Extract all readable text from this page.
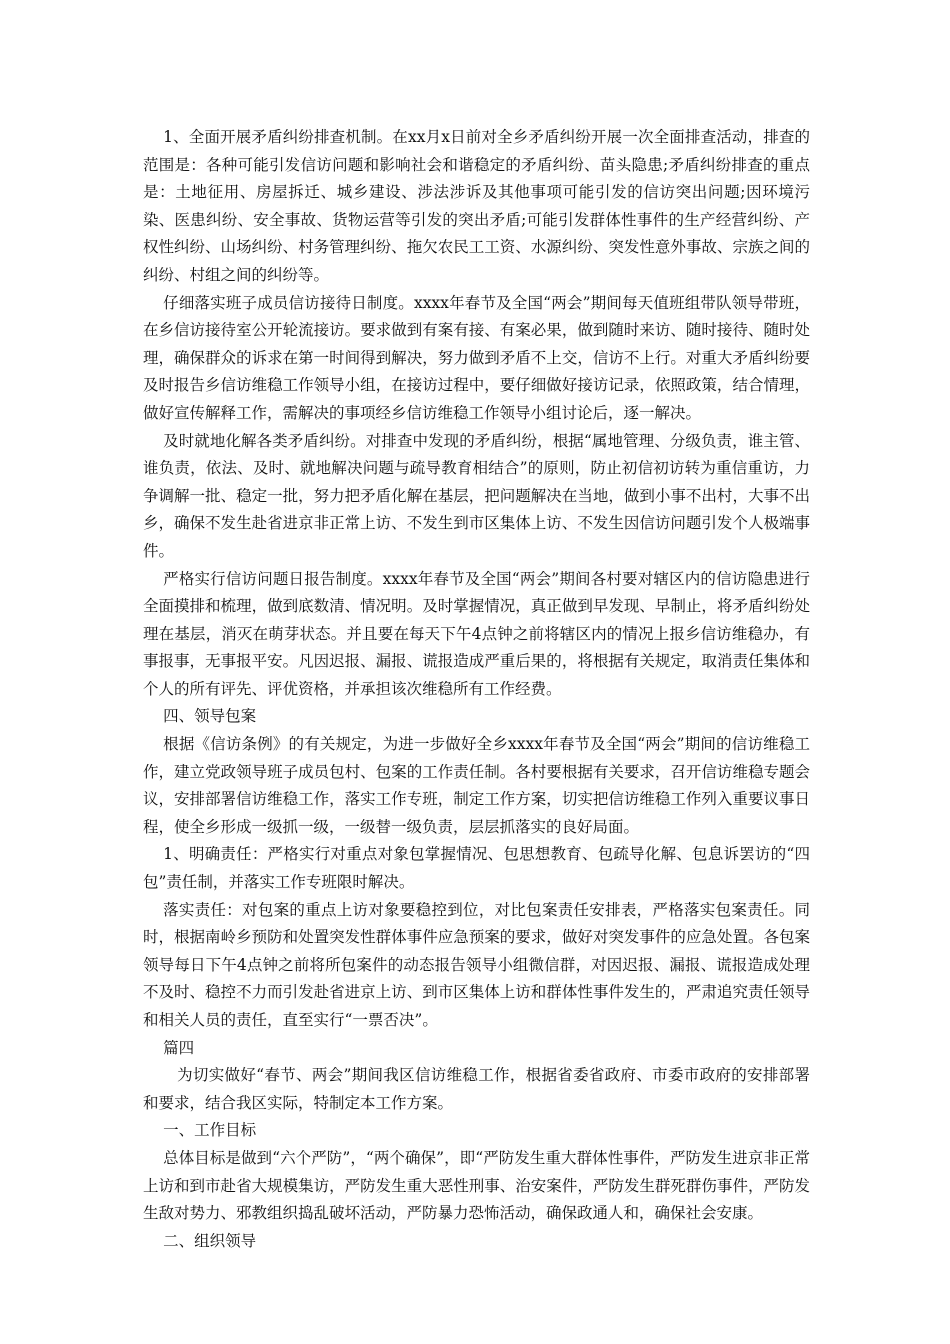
1、全面开展矛盾纠纷排查机制。在xx月x日前对全乡矛盾纠纷开展一次全面排查活动，排查的范围是：各种可能引发信访问题和影响社会和谐稳定的矛盾纠纷、苗头隐患;矛盾纠纷排查的重点是：土地征用、房屋拆迁、城乡建设、涉法涉诉及其他事项可能引发的信访突出问题;因环境污染、医患纠纷、安全事故、货物运营等引发的突出矛盾;可能引发群体性事件的生产经营纠纷、产权性纠纷、山场纠纷、村务管理纠纷、拖欠农民工工资、水源纠纷、突发性意外事故、宗族之间的纠纷、村组之间的纠纷等。

仔细落实班子成员信访接待日制度。xxxx年春节及全国“两会”期间每天值班组带队领导带班，在乡信访接待室公开轮流接访。要求做到有案有接、有案必果，做到随时来访、随时接待、随时处理，确保群众的诉求在第一时间得到解决，努力做到矛盾不上交，信访不上行。对重大矛盾纠纷要及时报告乡信访维稳工作领导小组，在接访过程中，要仔细做好接访记录，依照政策，结合情理，做好宣传解释工作，需解决的事项经乡信访维稳工作领导小组讨论后，逐一解决。

及时就地化解各类矛盾纠纷。对排查中发现的矛盾纠纷，根据“属地管理、分级负责，谁主管、谁负责，依法、及时、就地解决问题与疏导教育相结合”的原则，防止初信初访转为重信重访，力争调解一批、稳定一批，努力把矛盾化解在基层，把问题解决在当地，做到小事不出村，大事不出乡，确保不发生赴省进京非正常上访、不发生到市区集体上访、不发生因信访问题引发个人极端事件。

严格实行信访问题日报告制度。xxxx年春节及全国“两会”期间各村要对辖区内的信访隐患进行全面摸排和梳理，做到底数清、情况明。及时掌握情况，真正做到早发现、早制止，将矛盾纠纷处理在基层，消灭在萌芽状态。并且要在每天下午4点钟之前将辖区内的情况上报乡信访维稳办，有事报事，无事报平安。凡因迟报、漏报、谎报造成严重后果的，将根据有关规定，取消责任集体和个人的所有评先、评优资格，并承担该次维稳所有工作经费。

四、领导包案

根据《信访条例》的有关规定，为进一步做好全乡xxxx年春节及全国“两会”期间的信访维稳工作，建立党政领导班子成员包村、包案的工作责任制。各村要根据有关要求，召开信访维稳专题会议，安排部署信访维稳工作，落实工作专班，制定工作方案，切实把信访维稳工作列入重要议事日程，使全乡形成一级抓一级，一级替一级负责，层层抓落实的良好局面。

1、明确责任：严格实行对重点对象包掌握情况、包思想教育、包疏导化解、包息诉罢访的“四包”责任制，并落实工作专班限时解决。

落实责任：对包案的重点上访对象要稳控到位，对比包案责任安排表，严格落实包案责任。同时，根据南岭乡预防和处置突发性群体事件应急预案的要求，做好对突发事件的应急处置。各包案领导每日下午4点钟之前将所包案件的动态报告领导小组微信群，对因迟报、漏报、谎报造成处理不及时、稳控不力而引发赴省进京上访、到市区集体上访和群体性事件发生的，严肃追究责任领导和相关人员的责任，直至实行“一票否决”。

篇四

为切实做好“春节、两会”期间我区信访维稳工作，根据省委省政府、市委市政府的安排部署和要求，结合我区实际，特制定本工作方案。

一、工作目标

总体目标是做到“六个严防”，“两个确保”，即“严防发生重大群体性事件，严防发生进京非正常上访和到市赴省大规模集访，严防发生重大恶性刑事、治安案件，严防发生群死群伤事件，严防发生敌对势力、邪教组织捣乱破坏活动，严防暴力恐怖活动，确保政通人和，确保社会安康。

二、组织领导
